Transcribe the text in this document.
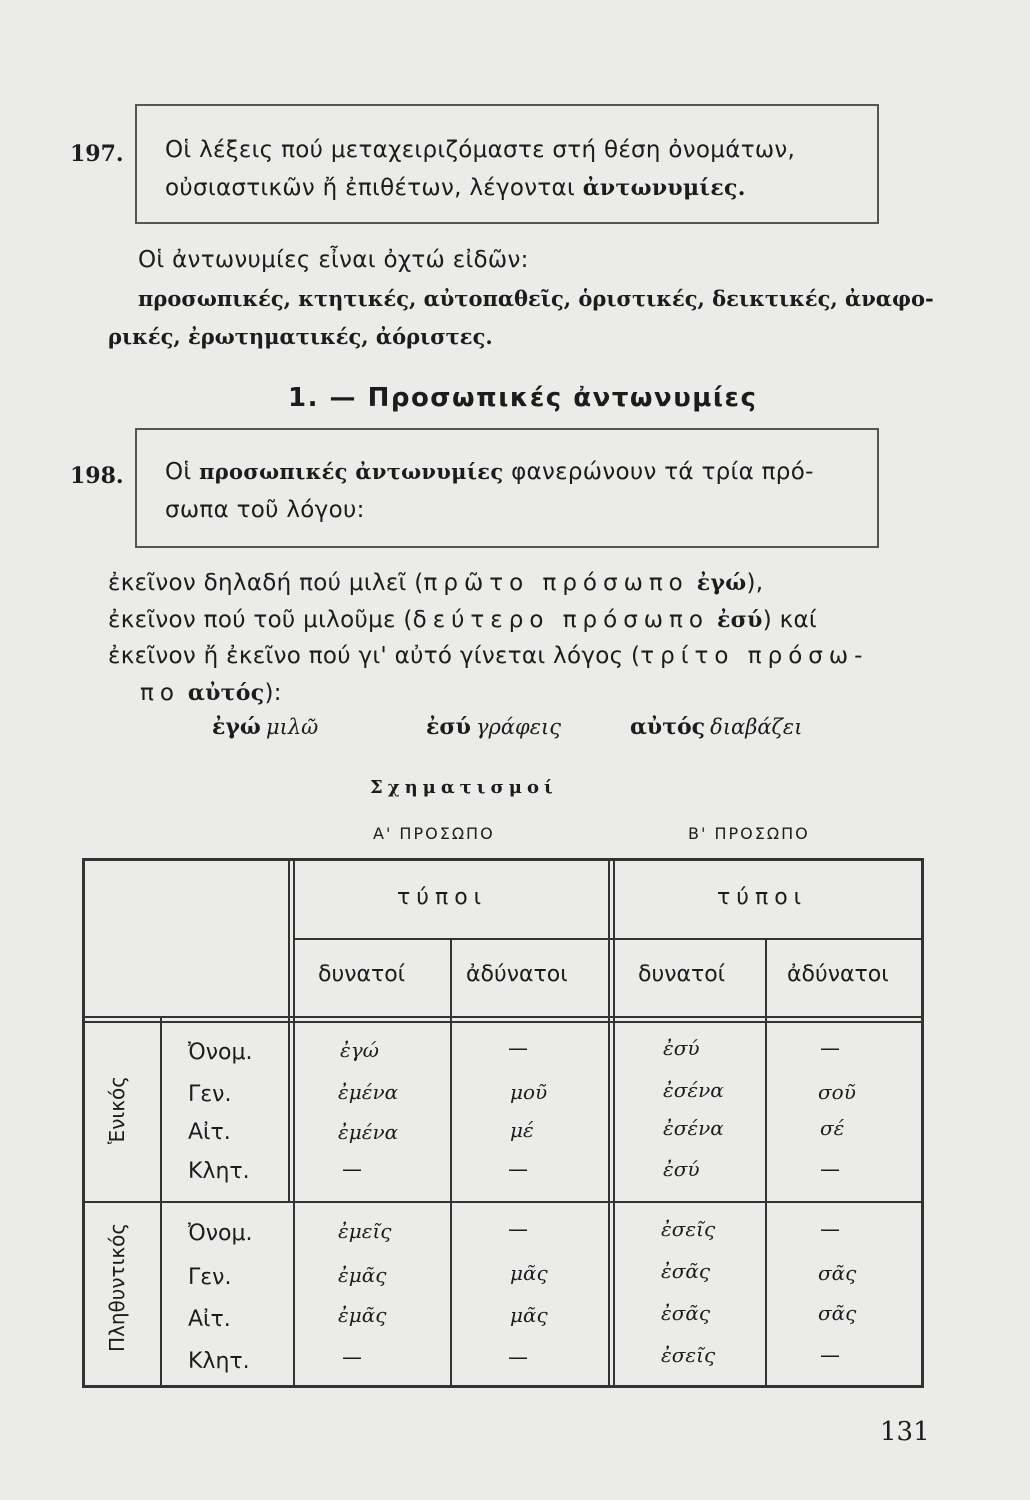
197. Οἱ λέξεις πού μεταχειριζόμαστε στή θέση ὀνομάτων,
οὐσιαστικῶν ἤ ἐπιθέτων, λέγονται ἀντωνυμίες.
Οἱ ἀντωνυμίες εἶναι ὀχτώ εἰδῶν:
προσωπικές, κτητικές, αὐτοπαθεῖς, ὁριστικές, δεικτικές, ἀναφο-
ρικές, ἐρωτηματικές, ἀόριστες.
1. — Προσωπικές ἀντωνυμίες
198. Οἱ προσωπικές ἀντωνυμίες φανερώνουν τά τρία πρό-
σωπα τοῦ λόγου:
ἐκεῖνον δηλαδή πού μιλεῖ (πρῶτο πρόσωπο ἐγώ),
ἐκεῖνον πού τοῦ μιλοῦμε (δεύτερο πρόσωπο ἐσύ) καί
ἐκεῖνον ἤ ἐκεῖνο πού γι' αὐτό γίνεται λόγος (τρίτο πρόσω-
πο αὐτός):
ἐγώ μιλῶ	ἐσύ γράφεις	αὐτός διαβάζει
Σχηματισμοί
Α' ΠΡΟΣΩΠΟ	Β' ΠΡΟΣΩΠΟ
τύποι	τύποι
δυνατοί	ἀδύνατοι	δυνατοί	ἀδύνατοι
Ἑνικός
Πληθυντικός
Ὀνομ.	ἐγώ	—	ἐσύ	—
Γεν.	ἐμένα	μοῦ	ἐσένα	σοῦ
Αἰτ.	ἐμένα	μέ	ἐσένα	σέ
Κλητ.	—	—	ἐσύ	—
Ὀνομ.	ἐμεῖς	—	ἐσεῖς	—
Γεν.	ἐμᾶς	μᾶς	ἐσᾶς	σᾶς
Αἰτ.	ἐμᾶς	μᾶς	ἐσᾶς	σᾶς
Κλητ.	—	—	ἐσεῖς	—
131
